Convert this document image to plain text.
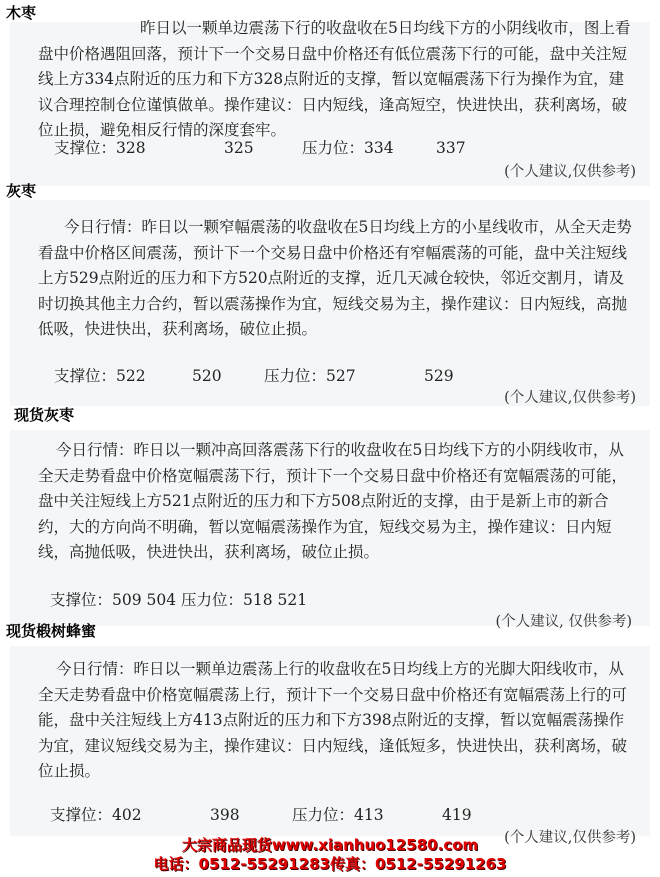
木枣
昨日以一颗单边震荡下行的收盘收在5日均线下方的小阴线收市，图上看盘中价格遇阻回落，预计下一个交易日盘中价格还有低位震荡下行的可能，盘中关注短线上方334点附近的压力和下方328点附近的支撑，暂以宽幅震荡下行为操作为宜，建议合理控制仓位谨慎做单。操作建议：日内短线，逢高短空，快进快出，获利离场，破位止损，避免相反行情的深度套牢。
支撑位：328	325	压力位：334	337
(个人建议,仅供参考)
灰枣
今日行情：昨日以一颗窄幅震荡的收盘收在5日均线上方的小星线收市，从全天走势看盘中价格区间震荡，预计下一个交易日盘中价格还有窄幅震荡的可能，盘中关注短线上方529点附近的压力和下方520点附近的支撑，近几天减仓较快，邻近交割月，请及时切换其他主力合约，暂以震荡操作为宜，短线交易为主，操作建议：日内短线，高抛低吸，快进快出，获利离场，破位止损。
支撑位：522	520	压力位：527	529
(个人建议,仅供参考)
现货灰枣
今日行情：昨日以一颗冲高回落震荡下行的收盘收在5日均线下方的小阴线收市，从全天走势看盘中价格宽幅震荡下行，预计下一个交易日盘中价格还有宽幅震荡的可能，盘中关注短线上方521点附近的压力和下方508点附近的支撑，由于是新上市的新合约，大的方向尚不明确，暂以宽幅震荡操作为宜，短线交易为主，操作建议：日内短线，高抛低吸，快进快出，获利离场，破位止损。
支撑位：509 504 压力位：518 521
(个人建议, 仅供参考)
现货椴树蜂蜜
今日行情：昨日以一颗单边震荡上行的收盘收在5日均线上方的光脚大阳线收市，从全天走势看盘中价格宽幅震荡上行，预计下一个交易日盘中价格还有宽幅震荡上行的可能，盘中关注短线上方413点附近的压力和下方398点附近的支撑，暂以宽幅震荡操作为宜，建议短线交易为主，操作建议：日内短线，逢低短多，快进快出，获利离场，破位止损。
支撑位：402	398	压力位：413	419
(个人建议,仅供参考)
大宗商品现货www.xianhuo12580.com
电话：0512-55291283传真：0512-55291263
